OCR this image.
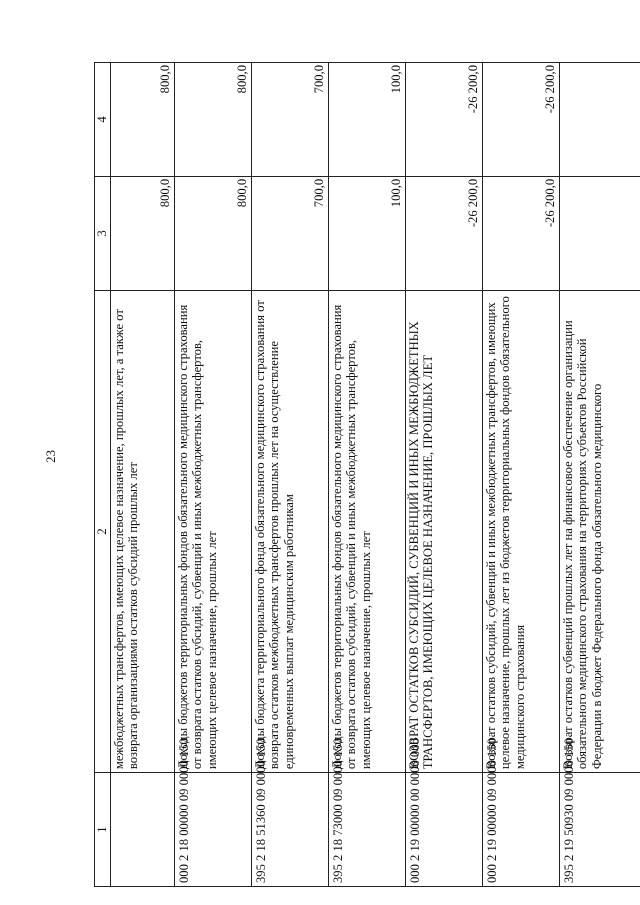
23
1	2	3	4
	межбюджетных трансфертов, имеющих целевое назначение, прошлых лет, а также от возврата организациями остатков субсидий прошлых лет	800,0	800,0
000 2 18 00000 09 0000 150	Доходы бюджетов территориальных фондов обязательного медицинского страхования от возврата остатков субсидий, субвенций и иных межбюджетных трансфертов, имеющих целевое назначение, прошлых лет	800,0	800,0
395 2 18 51360 09 0000 150	Доходы бюджета территориального фонда обязательного медицинского страхования от возврата остатков межбюджетных трансфертов прошлых лет на осуществление единовременных выплат медицинским работникам	700,0	700,0
395 2 18 73000 09 0000 150	Доходы бюджетов территориальных фондов обязательного медицинского страхования от возврата остатков субсидий, субвенций и иных межбюджетных трансфертов, имеющих целевое назначение, прошлых лет	100,0	100,0
000 2 19 00000 00 0000 000	ВОЗВРАТ ОСТАТКОВ СУБСИДИЙ, СУБВЕНЦИЙ И ИНЫХ МЕЖБЮДЖЕТНЫХ ТРАНСФЕРТОВ, ИМЕЮЩИХ ЦЕЛЕВОЕ НАЗНАЧЕНИЕ, ПРОШЛЫХ ЛЕТ	-26 200,0	-26 200,0
000 2 19 00000 09 0000 150	Возврат остатков субсидий, субвенций и иных межбюджетных трансфертов, имеющих целевое назначение, прошлых лет из бюджетов территориальных фондов обязательного медицинского страхования	-26 200,0	-26 200,0
395 2 19 50930 09 0000 150	Возврат остатков субвенций прошлых лет на финансовое обеспечение организации обязательного медицинского страхования на территориях субъектов Российской Федерации в бюджет Федерального фонда обязательного медицинского		
